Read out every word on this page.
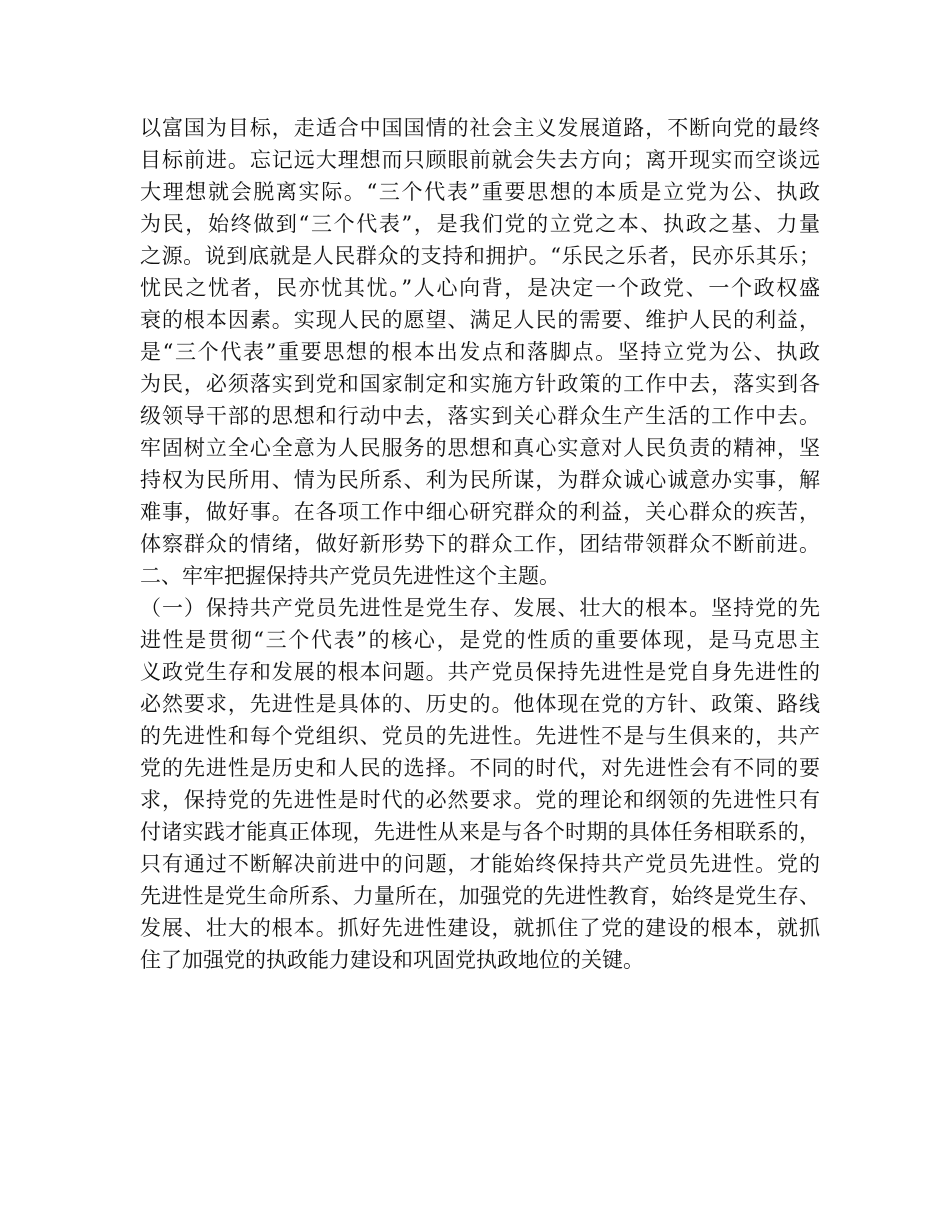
以富国为目标，走适合中国国情的社会主义发展道路，不断向党的最终
目标前进。忘记远大理想而只顾眼前就会失去方向；离开现实而空谈远
大理想就会脱离实际。“三个代表”重要思想的本质是立党为公、执政
为民，始终做到“三个代表”，是我们党的立党之本、执政之基、力量
之源。说到底就是人民群众的支持和拥护。“乐民之乐者，民亦乐其乐；
忧民之忧者，民亦忧其忧。”人心向背，是决定一个政党、一个政权盛
衰的根本因素。实现人民的愿望、满足人民的需要、维护人民的利益，
是“三个代表”重要思想的根本出发点和落脚点。坚持立党为公、执政
为民，必须落实到党和国家制定和实施方针政策的工作中去，落实到各
级领导干部的思想和行动中去，落实到关心群众生产生活的工作中去。
牢固树立全心全意为人民服务的思想和真心实意对人民负责的精神，坚
持权为民所用、情为民所系、利为民所谋，为群众诚心诚意办实事，解
难事，做好事。在各项工作中细心研究群众的利益，关心群众的疾苦，
体察群众的情绪，做好新形势下的群众工作，团结带领群众不断前进。
二、牢牢把握保持共产党员先进性这个主题。
（一）保持共产党员先进性是党生存、发展、壮大的根本。坚持党的先
进性是贯彻“三个代表”的核心，是党的性质的重要体现，是马克思主
义政党生存和发展的根本问题。共产党员保持先进性是党自身先进性的
必然要求，先进性是具体的、历史的。他体现在党的方针、政策、路线
的先进性和每个党组织、党员的先进性。先进性不是与生俱来的，共产
党的先进性是历史和人民的选择。不同的时代，对先进性会有不同的要
求，保持党的先进性是时代的必然要求。党的理论和纲领的先进性只有
付诸实践才能真正体现，先进性从来是与各个时期的具体任务相联系的，
只有通过不断解决前进中的问题，才能始终保持共产党员先进性。党的
先进性是党生命所系、力量所在，加强党的先进性教育，始终是党生存、
发展、壮大的根本。抓好先进性建设，就抓住了党的建设的根本，就抓
住了加强党的执政能力建设和巩固党执政地位的关键。
